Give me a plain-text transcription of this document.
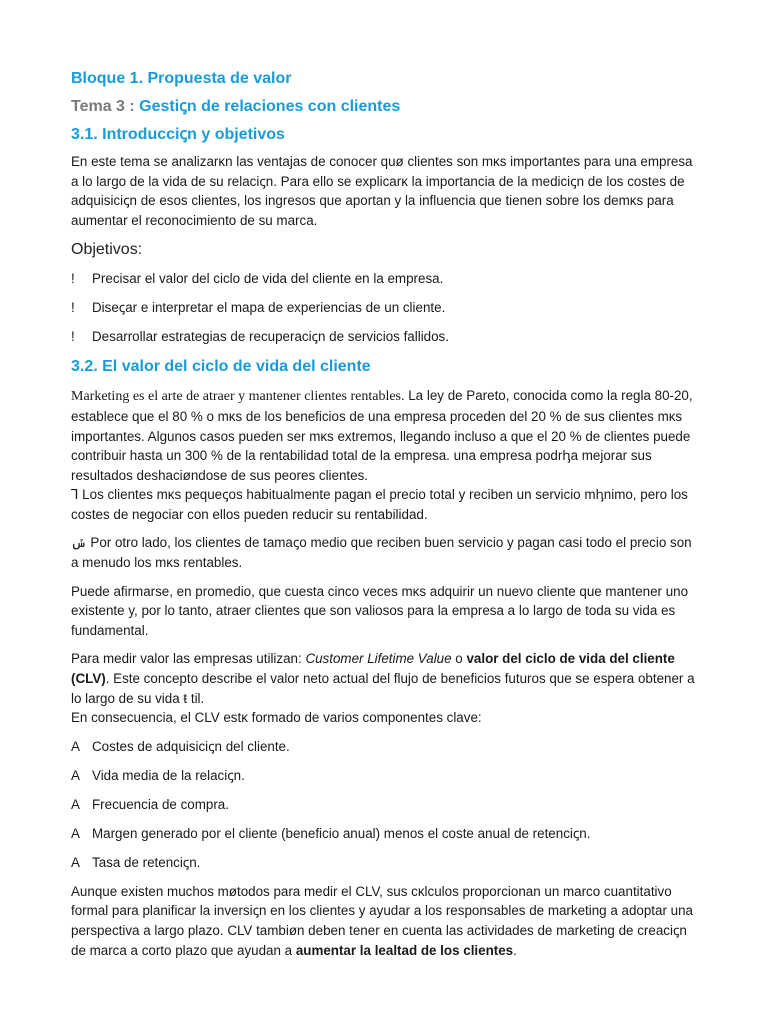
Bloque 1. Propuesta de valor
Tema 3 : Gestiꞔn de relaciones con clientes
3.1. Introducciꞔn y objetivos

En este tema se analizarĸn las ventajas de conocer quø clientes son mĸs importantes para una empresa a lo largo de la vida de su relaciꞔn. Para ello se explicarĸ la importancia de la mediciꞔn de los costes de adquisiciꞔn de esos clientes, los ingresos que aportan y la influencia que tienen sobre los demĸs para aumentar el reconocimiento de su marca.

Objetivos:
! Precisar el valor del ciclo de vida del cliente en la empresa.
! Diseꞔar e interpretar el mapa de experiencias de un cliente.
! Desarrollar estrategias de recuperaciꞔn de servicios fallidos.
3.2. El valor del ciclo de vida del cliente

Marketing es el arte de atraer y mantener clientes rentables. La ley de Pareto, conocida como la regla 80-20, establece que el 80 % o mĸs de los beneficios de una empresa proceden del 20 % de sus clientes mĸs importantes. Algunos casos pueden ser mĸs extremos, llegando incluso a que el 20 % de clientes puede contribuir hasta un 300 % de la rentabilidad total de la empresa. una empresa podrꞕa mejorar sus resultados deshaciøndose de sus peores clientes.

Ꞁ Los clientes mĸs pequeꞔos habitualmente pagan el precio total y reciben un servicio mꞕnimo, pero los costes de negociar con ellos pueden reducir su rentabilidad.

ݽ Por otro lado, los clientes de tamaꞔo medio que reciben buen servicio y pagan casi todo el precio son a menudo los mĸs rentables.

Puede afirmarse, en promedio, que cuesta cinco veces mĸs adquirir un nuevo cliente que mantener uno existente y, por lo tanto, atraer clientes que son valiosos para la empresa a lo largo de toda su vida es fundamental.

Para medir valor las empresas utilizan: Customer Lifetime Value o valor del ciclo de vida del cliente (CLV). Este concepto describe el valor neto actual del flujo de beneficios futuros que se espera obtener a lo largo de su vida ŧ til.

En consecuencia, el CLV estĸ formado de varios componentes clave:

A Costes de adquisiciꞔn del cliente.
A Vida media de la relaciꞔn.
A Frecuencia de compra.
A Margen generado por el cliente (beneficio anual) menos el coste anual de retenciꞔn.
A Tasa de retenciꞔn.

Aunque existen muchos møtodos para medir el CLV, sus cĸlculos proporcionan un marco cuantitativo formal para planificar la inversiꞔn en los clientes y ayudar a los responsables de marketing a adoptar una perspectiva a largo plazo. CLV tambiøn deben tener en cuenta las actividades de marketing de creaciꞔn de marca a corto plazo que ayudan a aumentar la lealtad de los clientes.
